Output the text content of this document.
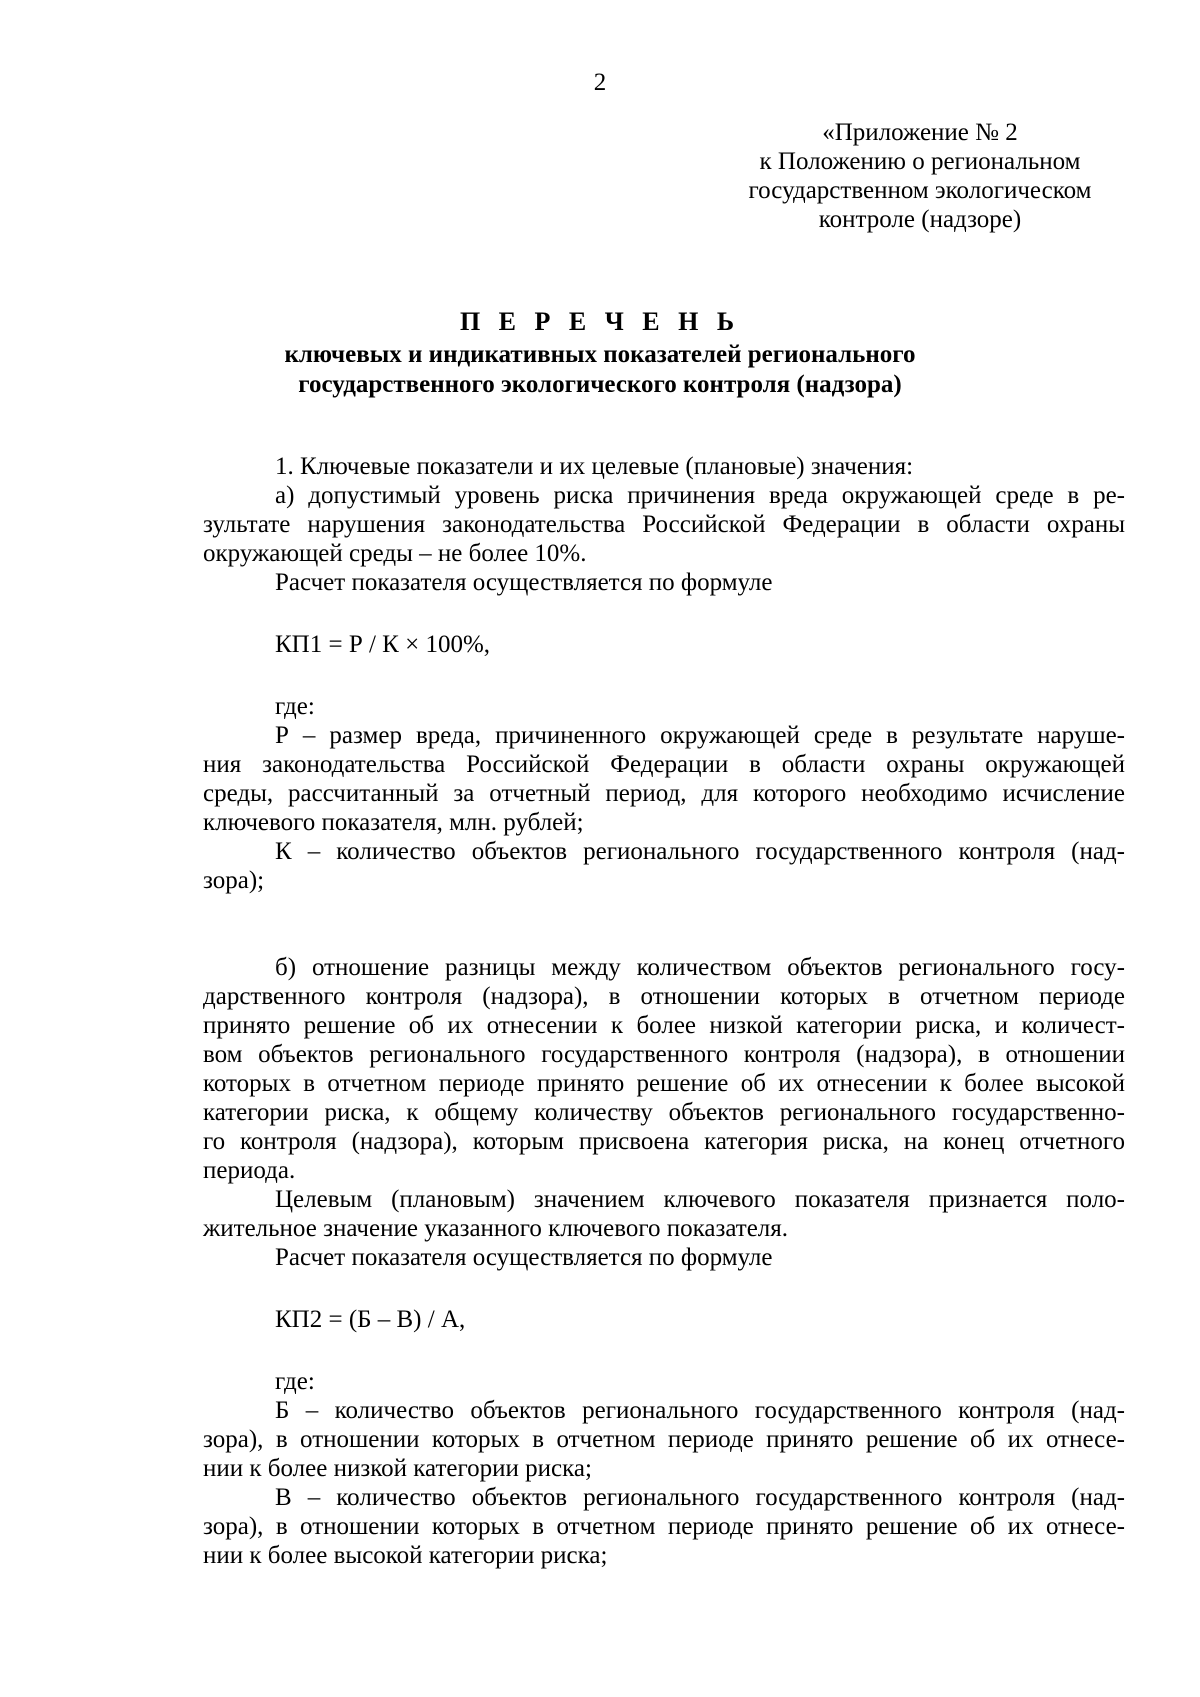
2
«Приложение № 2
к Положению о региональном
государственном экологическом
контроле (надзоре)
П Е Р Е Ч Е Н Ь
ключевых и индикативных показателей регионального
государственного экологического контроля (надзора)
1. Ключевые показатели и их целевые (плановые) значения:
а) допустимый уровень риска причинения вреда окружающей среде в ре-
зультате нарушения законодательства Российской Федерации в области охраны
окружающей среды – не более 10%.
Расчет показателя осуществляется по формуле
КП1 = Р / К × 100%,
где:
Р – размер вреда, причиненного окружающей среде в результате наруше-
ния законодательства Российской Федерации в области охраны окружающей
среды, рассчитанный за отчетный период, для которого необходимо исчисление
ключевого показателя, млн. рублей;
К – количество объектов регионального государственного контроля (над-
зора);
б) отношение разницы между количеством объектов регионального госу-
дарственного контроля (надзора), в отношении которых в отчетном периоде
принято решение об их отнесении к более низкой категории риска, и количест-
вом объектов регионального государственного контроля (надзора), в отношении
которых в отчетном периоде принято решение об их отнесении к более высокой
категории риска, к общему количеству объектов регионального государственно-
го контроля (надзора), которым присвоена категория риска, на конец отчетного
периода.
Целевым (плановым) значением ключевого показателя признается поло-
жительное значение указанного ключевого показателя.
Расчет показателя осуществляется по формуле
КП2 = (Б – В) / А,
где:
Б – количество объектов регионального государственного контроля (над-
зора), в отношении которых в отчетном периоде принято решение об их отнесе-
нии к более низкой категории риска;
В – количество объектов регионального государственного контроля (над-
зора), в отношении которых в отчетном периоде принято решение об их отнесе-
нии к более высокой категории риска;
